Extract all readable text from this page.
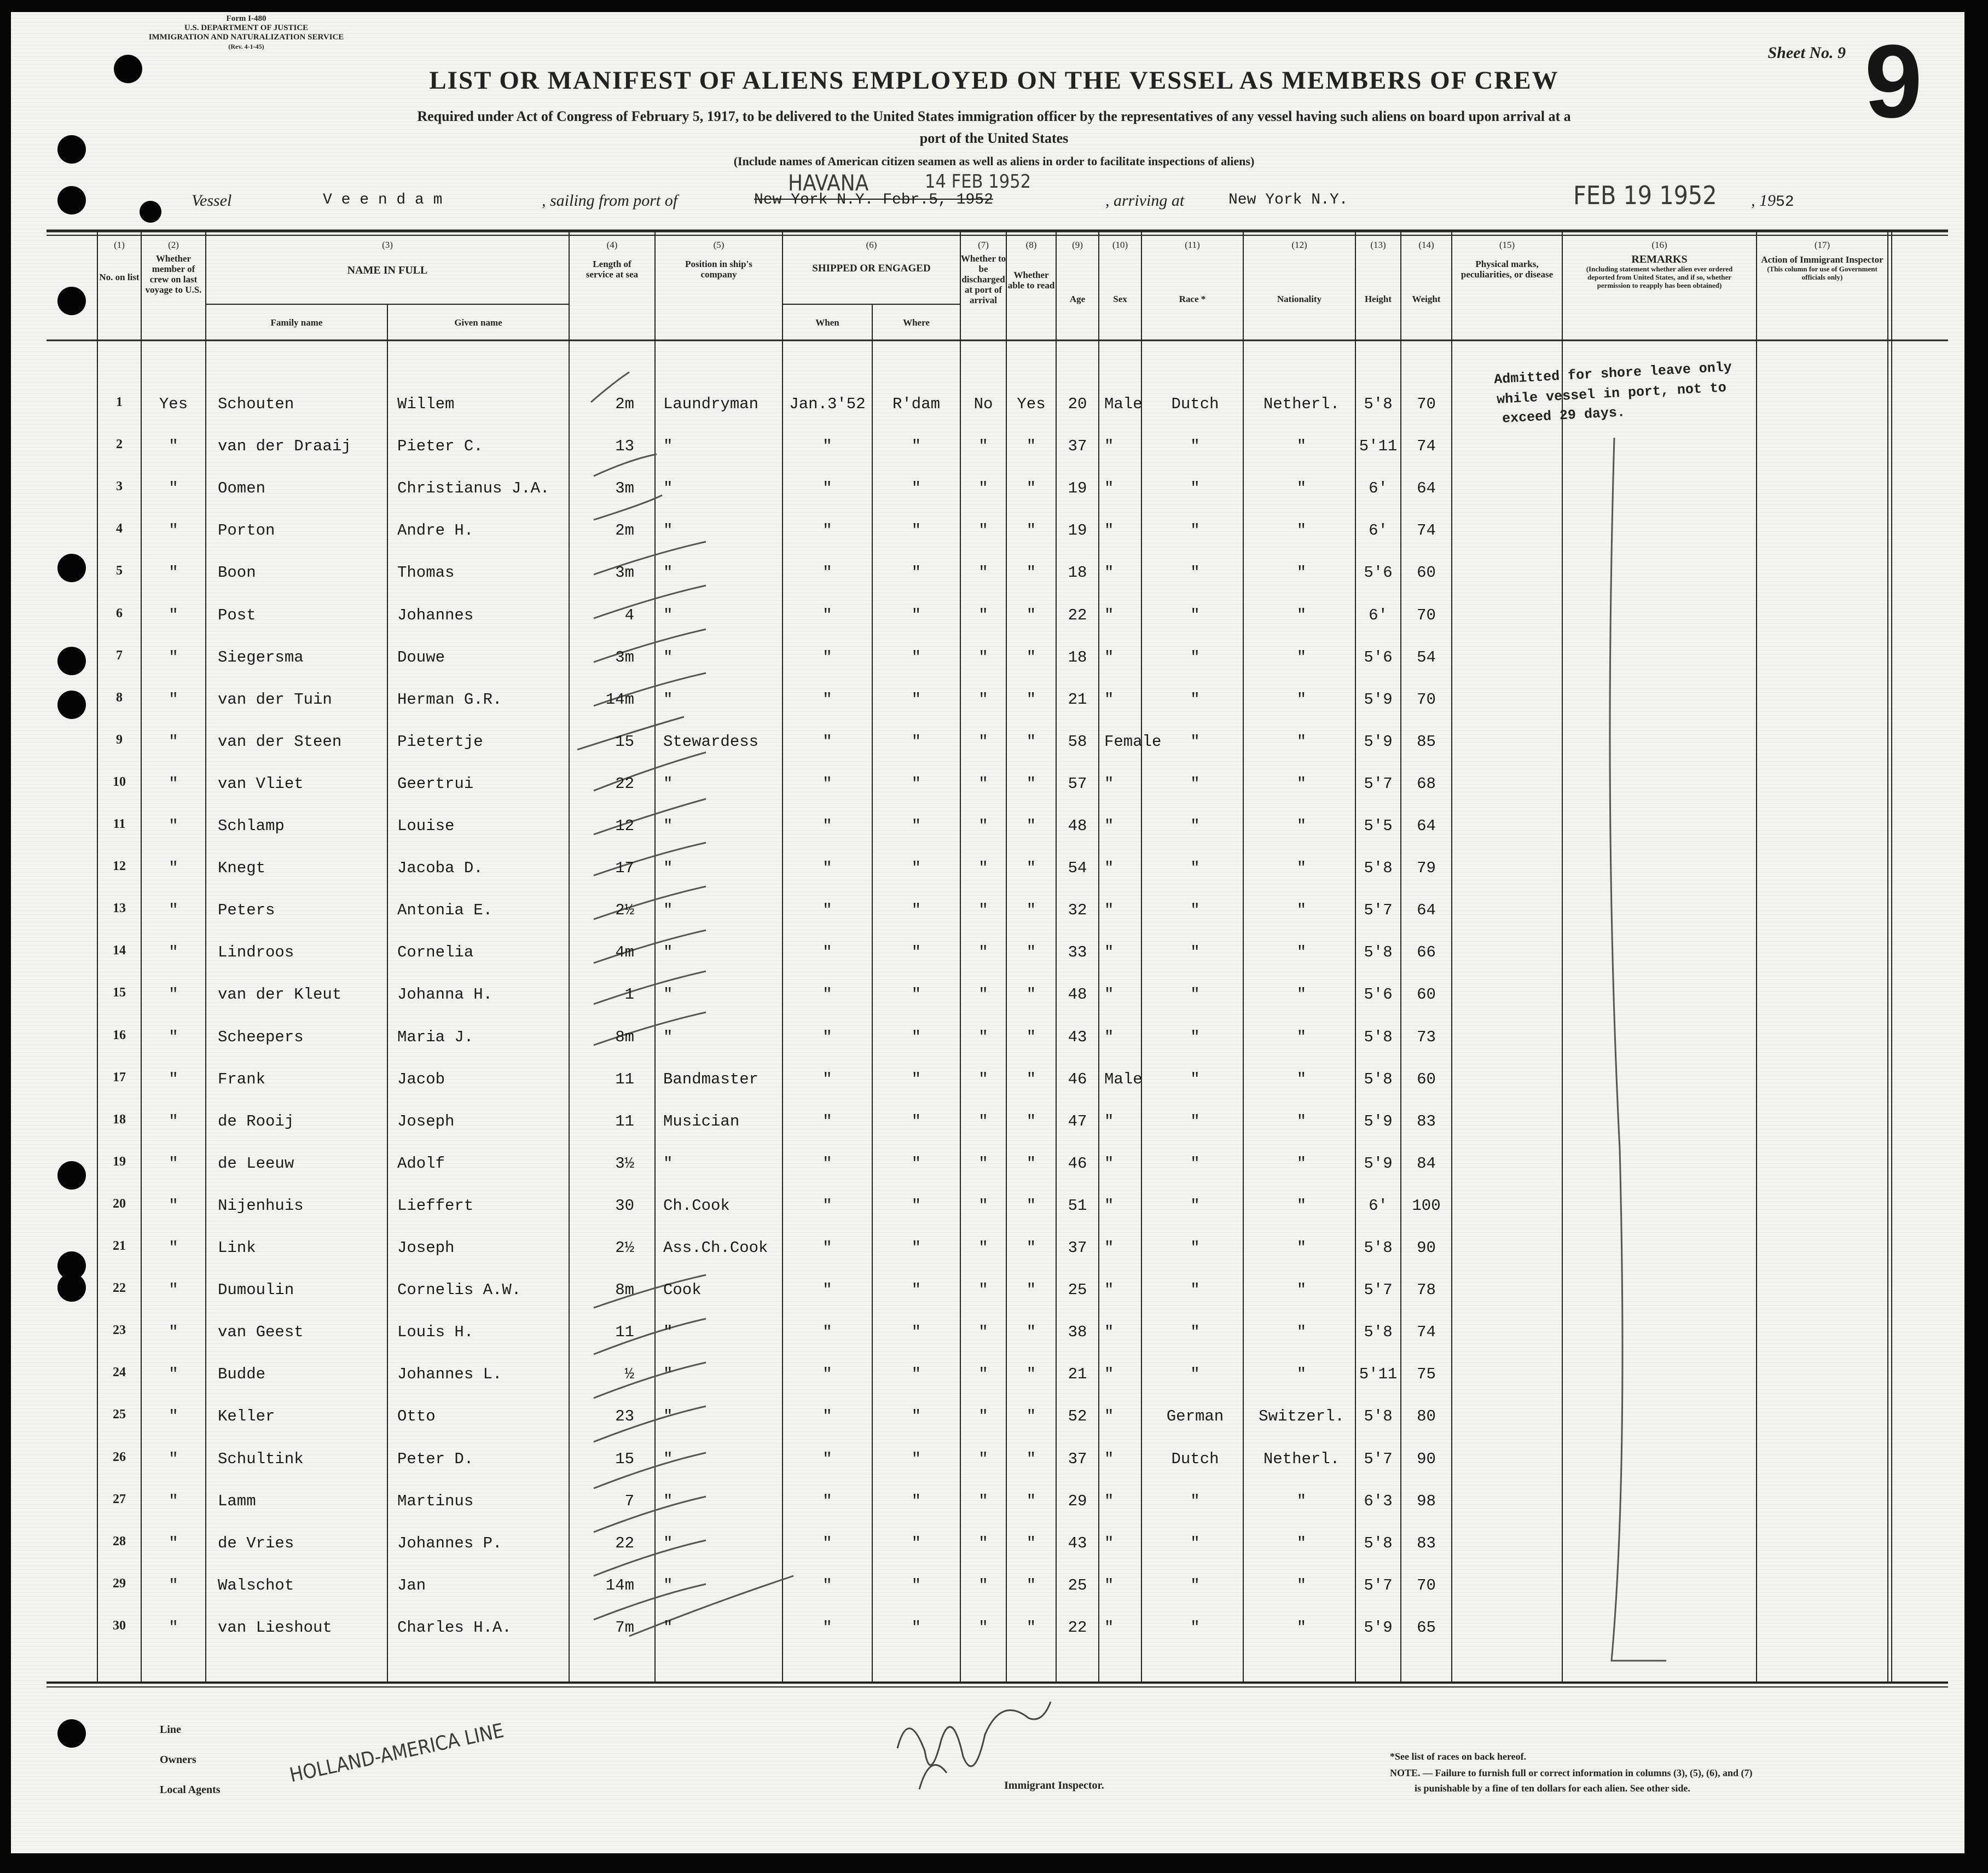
Form I-480
U.S. DEPARTMENT OF JUSTICE
IMMIGRATION AND NATURALIZATION SERVICE
(Rev. 4-1-45)	Sheet No. 9 9
LIST OR MANIFEST OF ALIENS EMPLOYED ON THE VESSEL AS MEMBERS OF CREW
Required under Act of Congress of February 5, 1917, to be delivered to the United States immigration officer by the representatives of any vessel having such aliens on board upon arrival at a
port of the United States
(Include names of American citizen seamen as well as aliens in order to facilitate inspections of aliens)
Vessel	V e e n d a m	, sailing from port of	New York N.Y. Febr.5, 1952
HAVANA	14 FEB 1952
, arriving at	New York N.Y.	FEB 19 1952 , 1952
(1)
No. on list
(2)
Whether member of crew on last voyage to U.S.
(3)
NAME IN FULL
Family name	Given name
(4)
Length of service at sea
(5)
Position in ship's company
(6)
SHIPPED OR ENGAGED
When	Where
(7)
Whether to be discharged at port of arrival
(8)
Whether able to read
(9)
Age
(10)
Sex
(11)
Race *
(12)
Nationality
(13)
Height
(14)
Weight
(15)
Physical marks, peculiarities, or disease
(16)
REMARKS
(Including statement whether alien ever ordered deported from United States, and if so, whether permission to reapply has been obtained)
(17)
Action of Immigrant Inspector
(This column for use of Government officials only)
1	Yes	Schouten	Willem	2m	Laundryman	Jan.3'52	R'dam	No	Yes	20	Male	Dutch	Netherl.	5'8	70
2	"	van der Draaij	Pieter C.	13	"	"	"	"	"	37	"	"	"	5'11	74
3	"	Oomen	Christianus J.A.	3m	"	"	"	"	"	19	"	"	"	6'	64
4	"	Porton	Andre H.	2m	"	"	"	"	"	19	"	"	"	6'	74
5	"	Boon	Thomas	3m	"	"	"	"	"	18	"	"	"	5'6	60
6	"	Post	Johannes	4	"	"	"	"	"	22	"	"	"	6'	70
7	"	Siegersma	Douwe	3m	"	"	"	"	"	18	"	"	"	5'6	54
8	"	van der Tuin	Herman G.R.	14m	"	"	"	"	"	21	"	"	"	5'9	70
9	"	van der Steen	Pietertje	15	Stewardess	"	"	"	"	58	Female	"	"	5'9	85
10	"	van Vliet	Geertrui	22	"	"	"	"	"	57	"	"	"	5'7	68
11	"	Schlamp	Louise	12	"	"	"	"	"	48	"	"	"	5'5	64
12	"	Knegt	Jacoba D.	17	"	"	"	"	"	54	"	"	"	5'8	79
13	"	Peters	Antonia E.	2½	"	"	"	"	"	32	"	"	"	5'7	64
14	"	Lindroos	Cornelia	4m	"	"	"	"	"	33	"	"	"	5'8	66
15	"	van der Kleut	Johanna H.	1	"	"	"	"	"	48	"	"	"	5'6	60
16	"	Scheepers	Maria J.	8m	"	"	"	"	"	43	"	"	"	5'8	73
17	"	Frank	Jacob	11	Bandmaster	"	"	"	"	46	Male	"	"	5'8	60
18	"	de Rooij	Joseph	11	Musician	"	"	"	"	47	"	"	"	5'9	83
19	"	de Leeuw	Adolf	3½	"	"	"	"	"	46	"	"	"	5'9	84
20	"	Nijenhuis	Lieffert	30	Ch.Cook	"	"	"	"	51	"	"	"	6'	100
21	"	Link	Joseph	2½	Ass.Ch.Cook	"	"	"	"	37	"	"	"	5'8	90
22	"	Dumoulin	Cornelis A.W.	8m	Cook	"	"	"	"	25	"	"	"	5'7	78
23	"	van Geest	Louis H.	11	"	"	"	"	"	38	"	"	"	5'8	74
24	"	Budde	Johannes L.	½	"	"	"	"	"	21	"	"	"	5'11	75
25	"	Keller	Otto	23	"	"	"	"	"	52	"	German	Switzerl.	5'8	80
26	"	Schultink	Peter D.	15	"	"	"	"	"	37	"	Dutch	Netherl.	5'7	90
27	"	Lamm	Martinus	7	"	"	"	"	"	29	"	"	"	6'3	98
28	"	de Vries	Johannes P.	22	"	"	"	"	"	43	"	"	"	5'8	83
29	"	Walschot	Jan	14m	"	"	"	"	"	25	"	"	"	5'7	70
30	"	van Lieshout	Charles H.A.	7m	"	"	"	"	"	22	"	"	"	5'9	65
Admitted for shore leave only
while vessel in port, not to
exceed 29 days.
Line
Owners
Local Agents
HOLLAND-AMERICA LINE	Immigrant Inspector.
*See list of races on back hereof.
NOTE. — Failure to furnish full or correct information in columns (3), (5), (6), and (7)
is punishable by a fine of ten dollars for each alien. See other side.
